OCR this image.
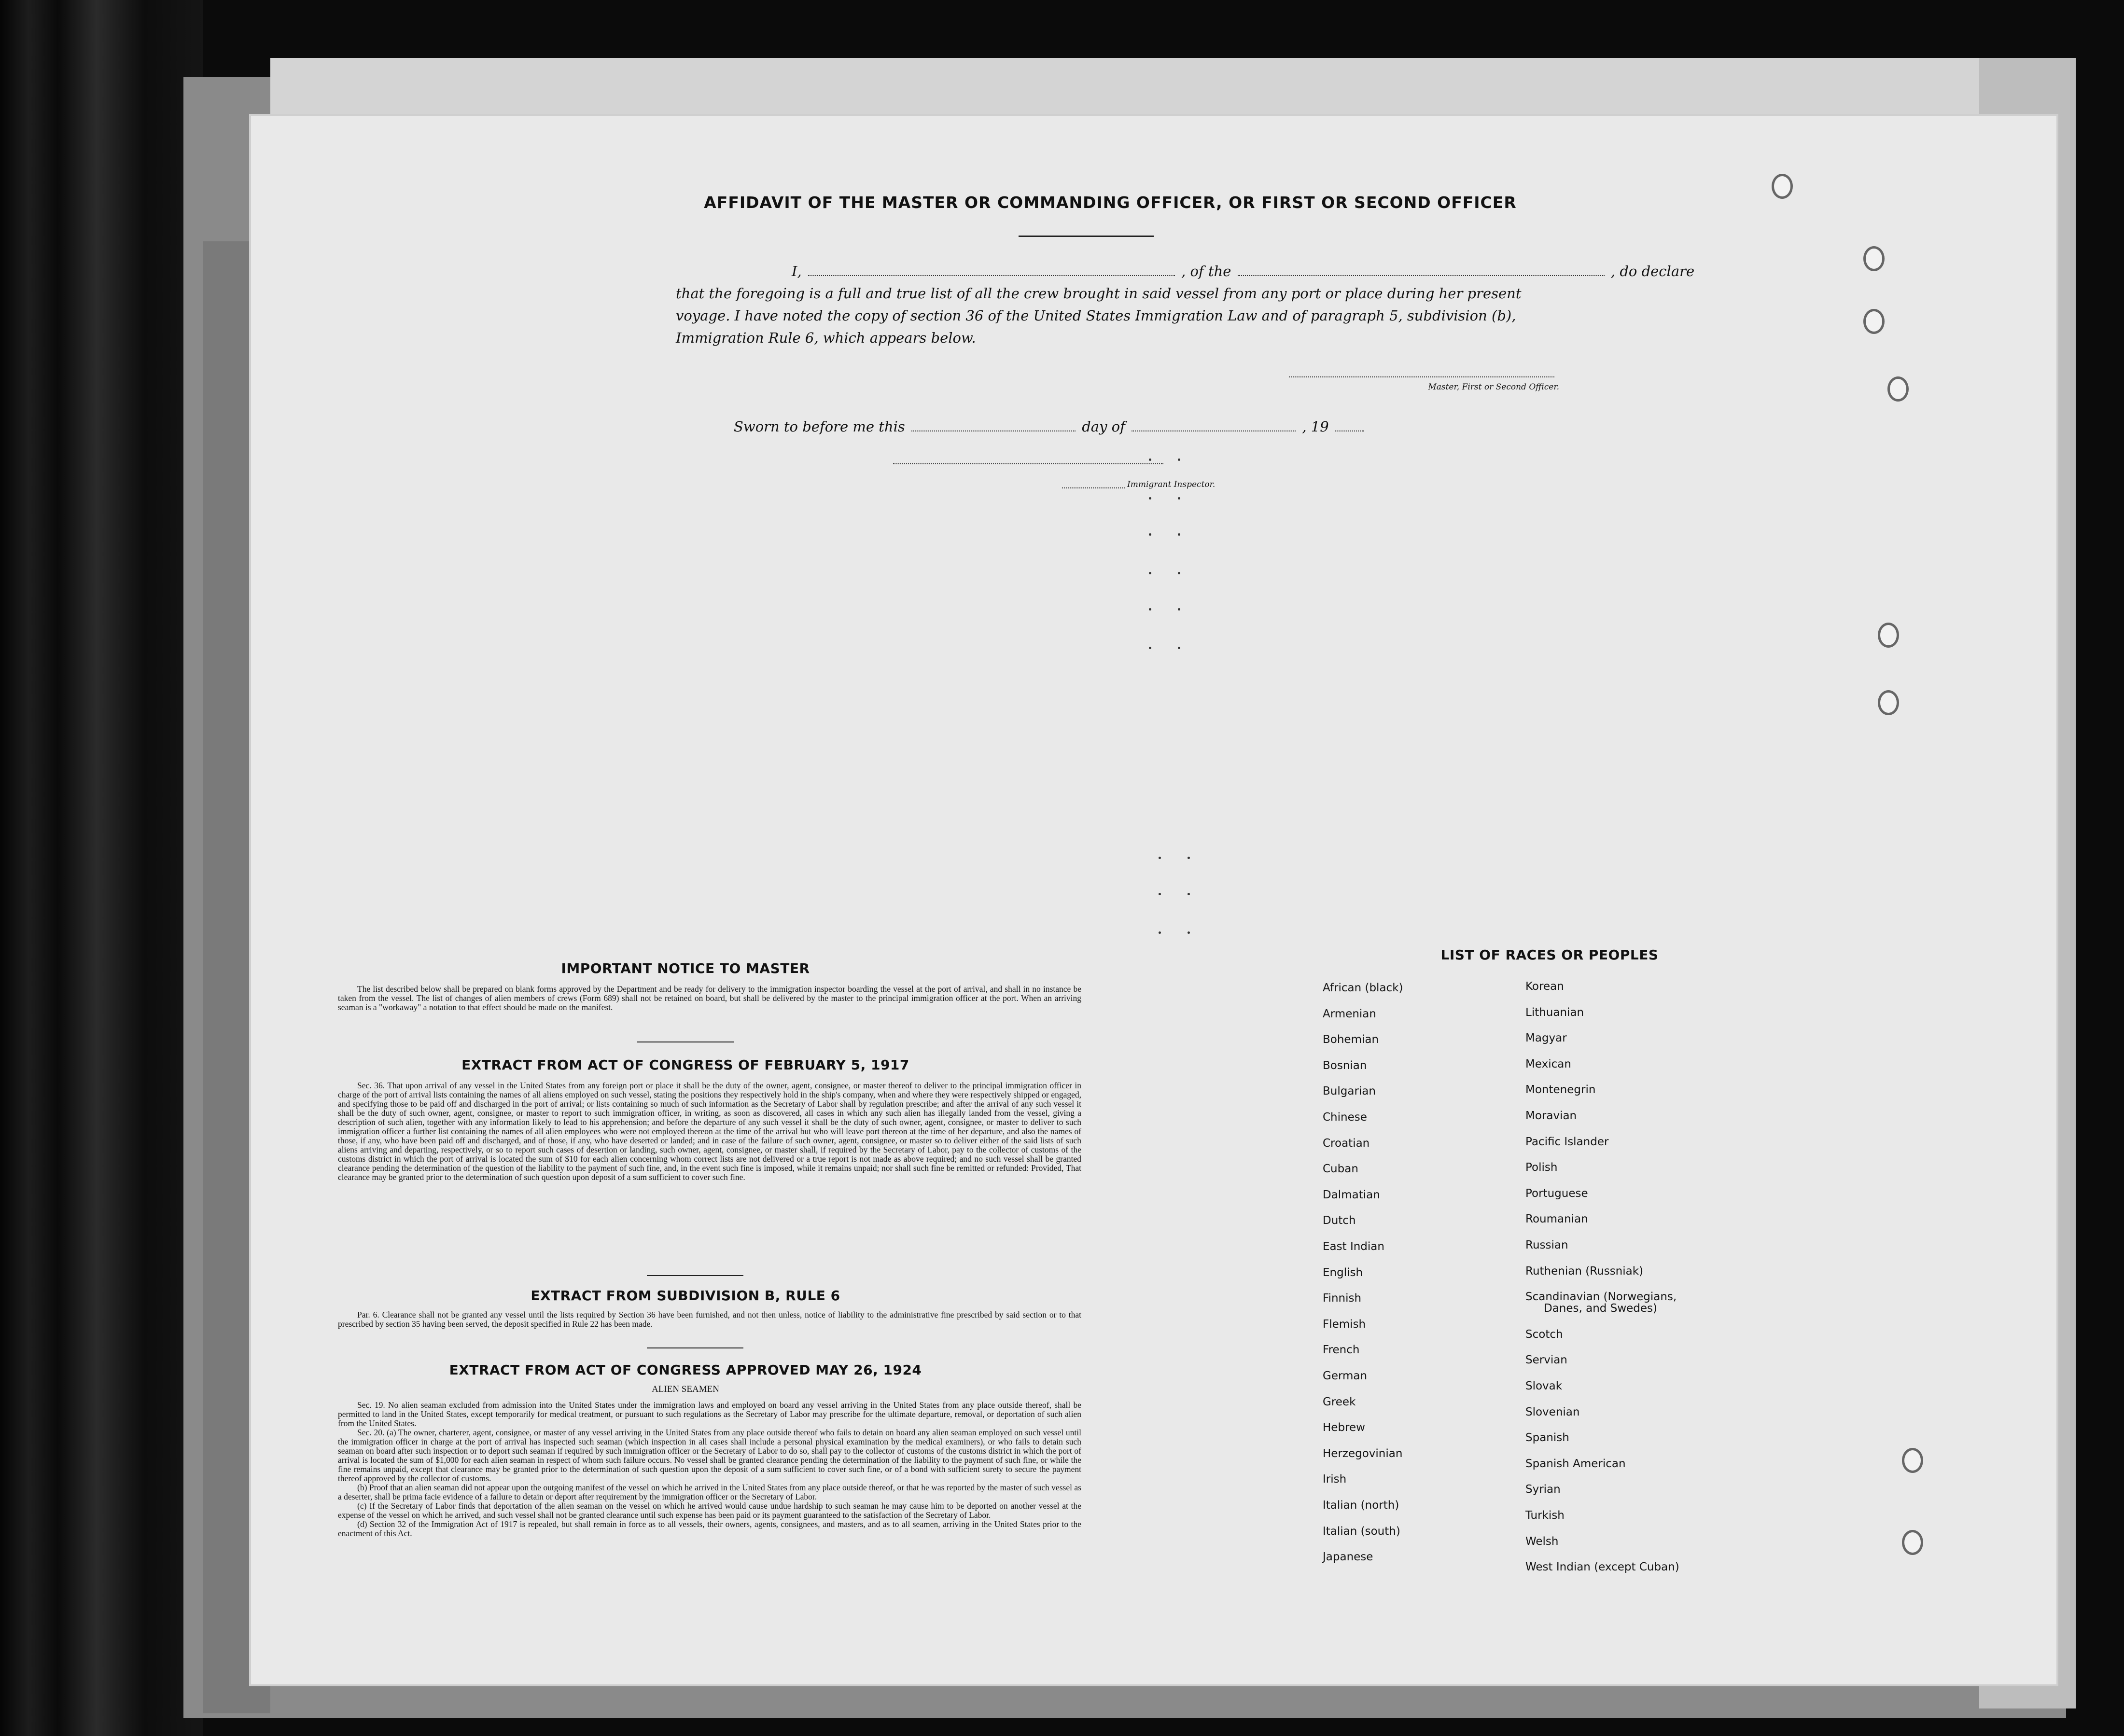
AFFIDAVIT OF THE MASTER OR COMMANDING OFFICER, OR FIRST OR SECOND OFFICER
I,	, of the	, do declare
that the foregoing is a full and true list of all the crew brought in said vessel from any port or place during her present
voyage. I have noted the copy of section 36 of the United States Immigration Law and of paragraph 5, subdivision (b),
Immigration Rule 6, which appears below.
Master, First or Second Officer.
Sworn to before me this	day of	, 19
Immigrant Inspector.
IMPORTANT NOTICE TO MASTER

The list described below shall be prepared on blank forms approved by the Department and be ready for delivery to the immigration inspector boarding the vessel at the port of arrival, and shall in no instance be taken from the vessel. The list of changes of alien members of crews (Form 689) shall not be retained on board, but shall be delivered by the master to the principal immigration officer at the port. When an arriving seaman is a "workaway" a notation to that effect should be made on the manifest.

EXTRACT FROM ACT OF CONGRESS OF FEBRUARY 5, 1917

Sec. 36. That upon arrival of any vessel in the United States from any foreign port or place it shall be the duty of the owner, agent, consignee, or master thereof to deliver to the principal immigration officer in charge of the port of arrival lists containing the names of all aliens employed on such vessel, stating the positions they respectively hold in the ship's company, when and where they were respectively shipped or engaged, and specifying those to be paid off and discharged in the port of arrival; or lists containing so much of such information as the Secretary of Labor shall by regulation prescribe; and after the arrival of any such vessel it shall be the duty of such owner, agent, consignee, or master to report to such immigration officer, in writing, as soon as discovered, all cases in which any such alien has illegally landed from the vessel, giving a description of such alien, together with any information likely to lead to his apprehension; and before the departure of any such vessel it shall be the duty of such owner, agent, consignee, or master to deliver to such immigration officer a further list containing the names of all alien employees who were not employed thereon at the time of the arrival but who will leave port thereon at the time of her departure, and also the names of those, if any, who have been paid off and discharged, and of those, if any, who have deserted or landed; and in case of the failure of such owner, agent, consignee, or master so to deliver either of the said lists of such aliens arriving and departing, respectively, or so to report such cases of desertion or landing, such owner, agent, consignee, or master shall, if required by the Secretary of Labor, pay to the collector of customs of the customs district in which the port of arrival is located the sum of $10 for each alien concerning whom correct lists are not delivered or a true report is not made as above required; and no such vessel shall be granted clearance pending the determination of the question of the liability to the payment of such fine, and, in the event such fine is imposed, while it remains unpaid; nor shall such fine be remitted or refunded: Provided, That clearance may be granted prior to the determination of such question upon deposit of a sum sufficient to cover such fine.

EXTRACT FROM SUBDIVISION B, RULE 6

Par. 6. Clearance shall not be granted any vessel until the lists required by Section 36 have been furnished, and not then unless, notice of liability to the administrative fine prescribed by said section or to that prescribed by section 35 having been served, the deposit specified in Rule 22 has been made.

EXTRACT FROM ACT OF CONGRESS APPROVED MAY 26, 1924
ALIEN SEAMEN

Sec. 19. No alien seaman excluded from admission into the United States under the immigration laws and employed on board any vessel arriving in the United States from any place outside thereof, shall be permitted to land in the United States, except temporarily for medical treatment, or pursuant to such regulations as the Secretary of Labor may prescribe for the ultimate departure, removal, or deportation of such alien from the United States.

Sec. 20. (a) The owner, charterer, agent, consignee, or master of any vessel arriving in the United States from any place outside thereof who fails to detain on board any alien seaman employed on such vessel until the immigration officer in charge at the port of arrival has inspected such seaman (which inspection in all cases shall include a personal physical examination by the medical examiners), or who fails to detain such seaman on board after such inspection or to deport such seaman if required by such immigration officer or the Secretary of Labor to do so, shall pay to the collector of customs of the customs district in which the port of arrival is located the sum of $1,000 for each alien seaman in respect of whom such failure occurs. No vessel shall be granted clearance pending the determination of the liability to the payment of such fine, or while the fine remains unpaid, except that clearance may be granted prior to the determination of such question upon the deposit of a sum sufficient to cover such fine, or of a bond with sufficient surety to secure the payment thereof approved by the collector of customs.

(b) Proof that an alien seaman did not appear upon the outgoing manifest of the vessel on which he arrived in the United States from any place outside thereof, or that he was reported by the master of such vessel as a deserter, shall be prima facie evidence of a failure to detain or deport after requirement by the immigration officer or the Secretary of Labor.

(c) If the Secretary of Labor finds that deportation of the alien seaman on the vessel on which he arrived would cause undue hardship to such seaman he may cause him to be deported on another vessel at the expense of the vessel on which he arrived, and such vessel shall not be granted clearance until such expense has been paid or its payment guaranteed to the satisfaction of the Secretary of Labor.

(d) Section 32 of the Immigration Act of 1917 is repealed, but shall remain in force as to all vessels, their owners, agents, consignees, and masters, and as to all seamen, arriving in the United States prior to the enactment of this Act.

LIST OF RACES OR PEOPLES
African (black)
Armenian
Bohemian
Bosnian
Bulgarian
Chinese
Croatian
Cuban
Dalmatian
Dutch
East Indian
English
Finnish
Flemish
French
German
Greek
Hebrew
Herzegovinian
Irish
Italian (north)
Italian (south)
Japanese
Korean
Lithuanian
Magyar
Mexican
Montenegrin
Moravian
Pacific Islander
Polish
Portuguese
Roumanian
Russian
Ruthenian (Russniak)
Scandinavian (Norwegians,
Danes, and Swedes)
Scotch
Servian
Slovak
Slovenian
Spanish
Spanish American
Syrian
Turkish
Welsh
West Indian (except Cuban)
